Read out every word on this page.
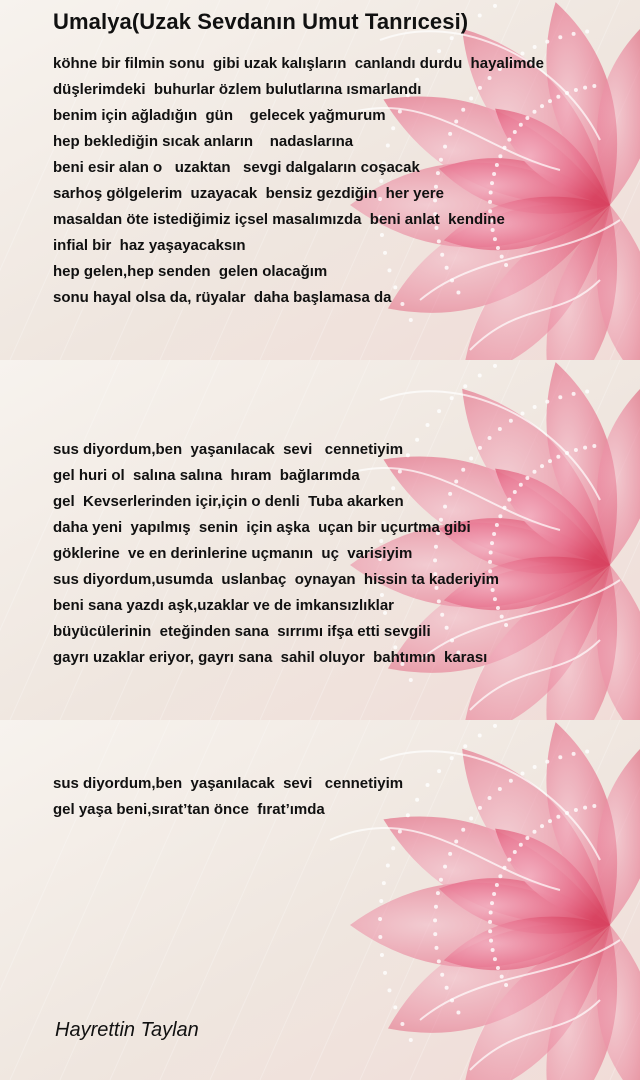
Umalya(Uzak Sevdanın Umut Tanrıcesi)
köhne bir filmin sonu  gibi uzak kalışların  canlandı durdu  hayalimde
düşlerimdeki  buhurlar özlem bulutlarına ısmarlandı
benim için ağladığın  gün    gelecek yağmurum
hep beklediğin sıcak anların    nadaslarına
beni esir alan o   uzaktan   sevgi dalgaların coşacak
sarhoş gölgelerim  uzayacak  bensiz gezdiğin  her yere
masaldan öte istediğimiz içsel masalımızda  beni anlat  kendine
infial bir  haz yaşayacaksın
hep gelen,hep senden  gelen olacağım
sonu hayal olsa da, rüyalar  daha başlamasa da
sus diyordum,ben  yaşanılacak  sevi   cennetiyim
gel huri ol  salına salına  hıram  bağlarımda
gel  Kevserlerinden içir,için o denli  Tuba akarken
daha yeni  yapılmış  senin  için aşka  uçan bir uçurtma gibi
göklerine  ve en derinlerine uçmanın  uç  varisiyim
sus diyordum,usumda  uslanbaç  oynayan  hissin ta kaderiyim
beni sana yazdı aşk,uzaklar ve de imkansızlıklar
büyücülerinin  eteğinden sana  sırrımı ifşa etti sevgili
gayrı uzaklar eriyor, gayrı sana  sahil oluyor  bahtımın  karası
sus diyordum,ben  yaşanılacak  sevi   cennetiyim
gel yaşa beni,sırat’tan önce  fırat’ımda
Hayrettin Taylan
